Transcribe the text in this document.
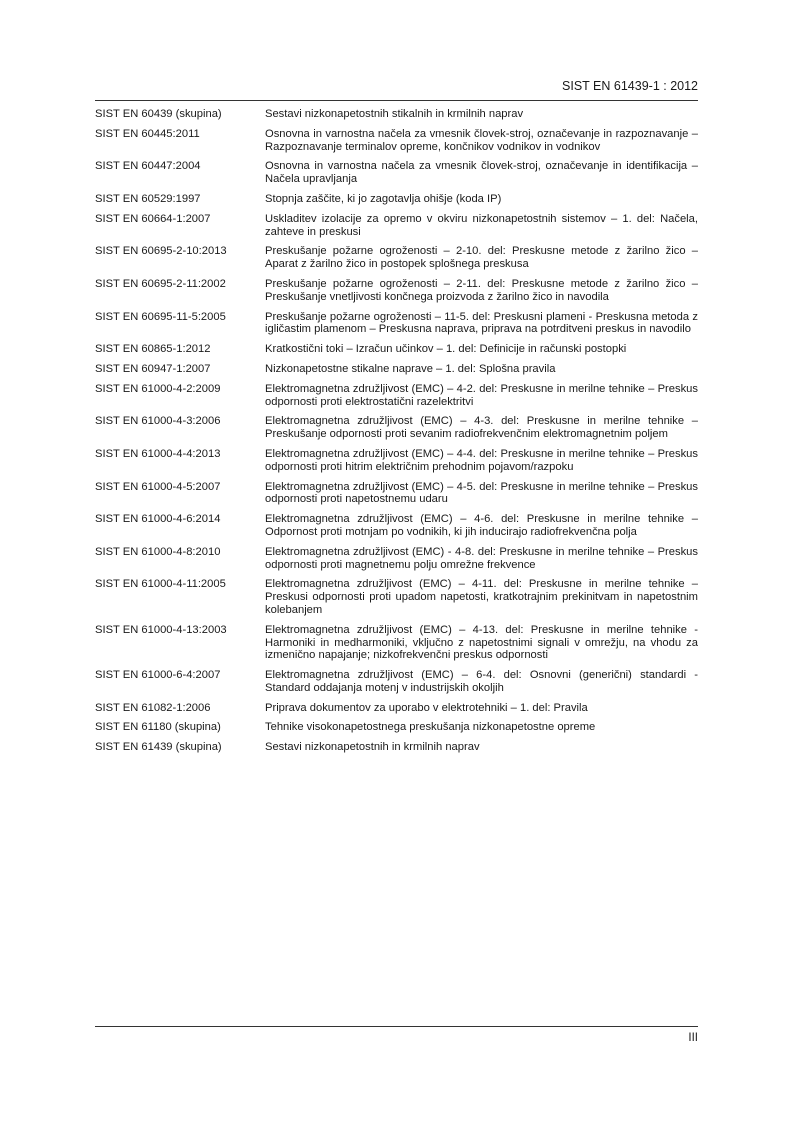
SIST EN 61439-1 : 2012
SIST EN 60439 (skupina)	Sestavi nizkonapetostnih stikalnih in krmilnih naprav
SIST EN 60445:2011	Osnovna in varnostna načela za vmesnik človek-stroj, označevanje in razpoznavanje – Razpoznavanje terminalov opreme, končnikov vodnikov in vodnikov
SIST EN 60447:2004	Osnovna in varnostna načela za vmesnik človek-stroj, označevanje in identifikacija – Načela upravljanja
SIST EN 60529:1997	Stopnja zaščite, ki jo zagotavlja ohišje (koda IP)
SIST EN 60664-1:2007	Uskladitev izolacije za opremo v okviru nizkonapetostnih sistemov – 1. del: Načela, zahteve in preskusi
SIST EN 60695-2-10:2013	Preskušanje požarne ogroženosti – 2-10. del: Preskusne metode z žarilno žico – Aparat z žarilno žico in postopek splošnega preskusa
SIST EN 60695-2-11:2002	Preskušanje požarne ogroženosti – 2-11. del: Preskusne metode z žarilno žico – Preskušanje vnetljivosti končnega proizvoda z žarilno žico in navodila
SIST EN 60695-11-5:2005	Preskušanje požarne ogroženosti – 11-5. del: Preskusni plameni - Preskusna metoda z igličastim plamenom – Preskusna naprava, priprava na potrditveni preskus in navodilo
SIST EN 60865-1:2012	Kratkostični toki – Izračun učinkov – 1. del: Definicije in računski postopki
SIST EN 60947-1:2007	Nizkonapetostne stikalne naprave – 1. del: Splošna pravila
SIST EN 61000-4-2:2009	Elektromagnetna združljivost (EMC) – 4-2. del: Preskusne in merilne tehnike – Preskus odpornosti proti elektrostatični razelektritvi
SIST EN 61000-4-3:2006	Elektromagnetna združljivost (EMC) – 4-3. del: Preskusne in merilne tehnike – Preskušanje odpornosti proti sevanim radiofrekvenčnim elektromagnetnim poljem
SIST EN 61000-4-4:2013	Elektromagnetna združljivost (EMC) – 4-4. del: Preskusne in merilne tehnike – Preskus odpornosti proti hitrim električnim prehodnim pojavom/razpoku
SIST EN 61000-4-5:2007	Elektromagnetna združljivost (EMC) – 4-5. del: Preskusne in merilne tehnike – Preskus odpornosti proti napetostnemu udaru
SIST EN 61000-4-6:2014	Elektromagnetna združljivost (EMC) – 4-6. del: Preskusne in merilne tehnike – Odpornost proti motnjam po vodnikih, ki jih inducirajo radiofrekvenčna polja
SIST EN 61000-4-8:2010	Elektromagnetna združljivost (EMC) - 4-8. del: Preskusne in merilne tehnike – Preskus odpornosti proti magnetnemu polju omrežne frekvence
SIST EN 61000-4-11:2005	Elektromagnetna združljivost (EMC) – 4-11. del: Preskusne in merilne tehnike – Preskusi odpornosti proti upadom napetosti, kratkotrajnim prekinitvam in napetostnim kolebanjem
SIST EN 61000-4-13:2003	Elektromagnetna združljivost (EMC) – 4-13. del: Preskusne in merilne tehnike - Harmoniki in medharmoniki, vključno z napetostnimi signali v omrežju, na vhodu za izmenično napajanje; nizkofrekvenčni preskus odpornosti
SIST EN 61000-6-4:2007	Elektromagnetna združljivost (EMC) – 6-4. del: Osnovni (generični) standardi - Standard oddajanja motenj v industrijskih okoljih
SIST EN 61082-1:2006	Priprava dokumentov za uporabo v elektrotehniki – 1. del: Pravila
SIST EN 61180 (skupina)	Tehnike visokonapetostnega preskušanja nizkonapetostne opreme
SIST EN 61439 (skupina)	Sestavi nizkonapetostnih in krmilnih naprav
III
